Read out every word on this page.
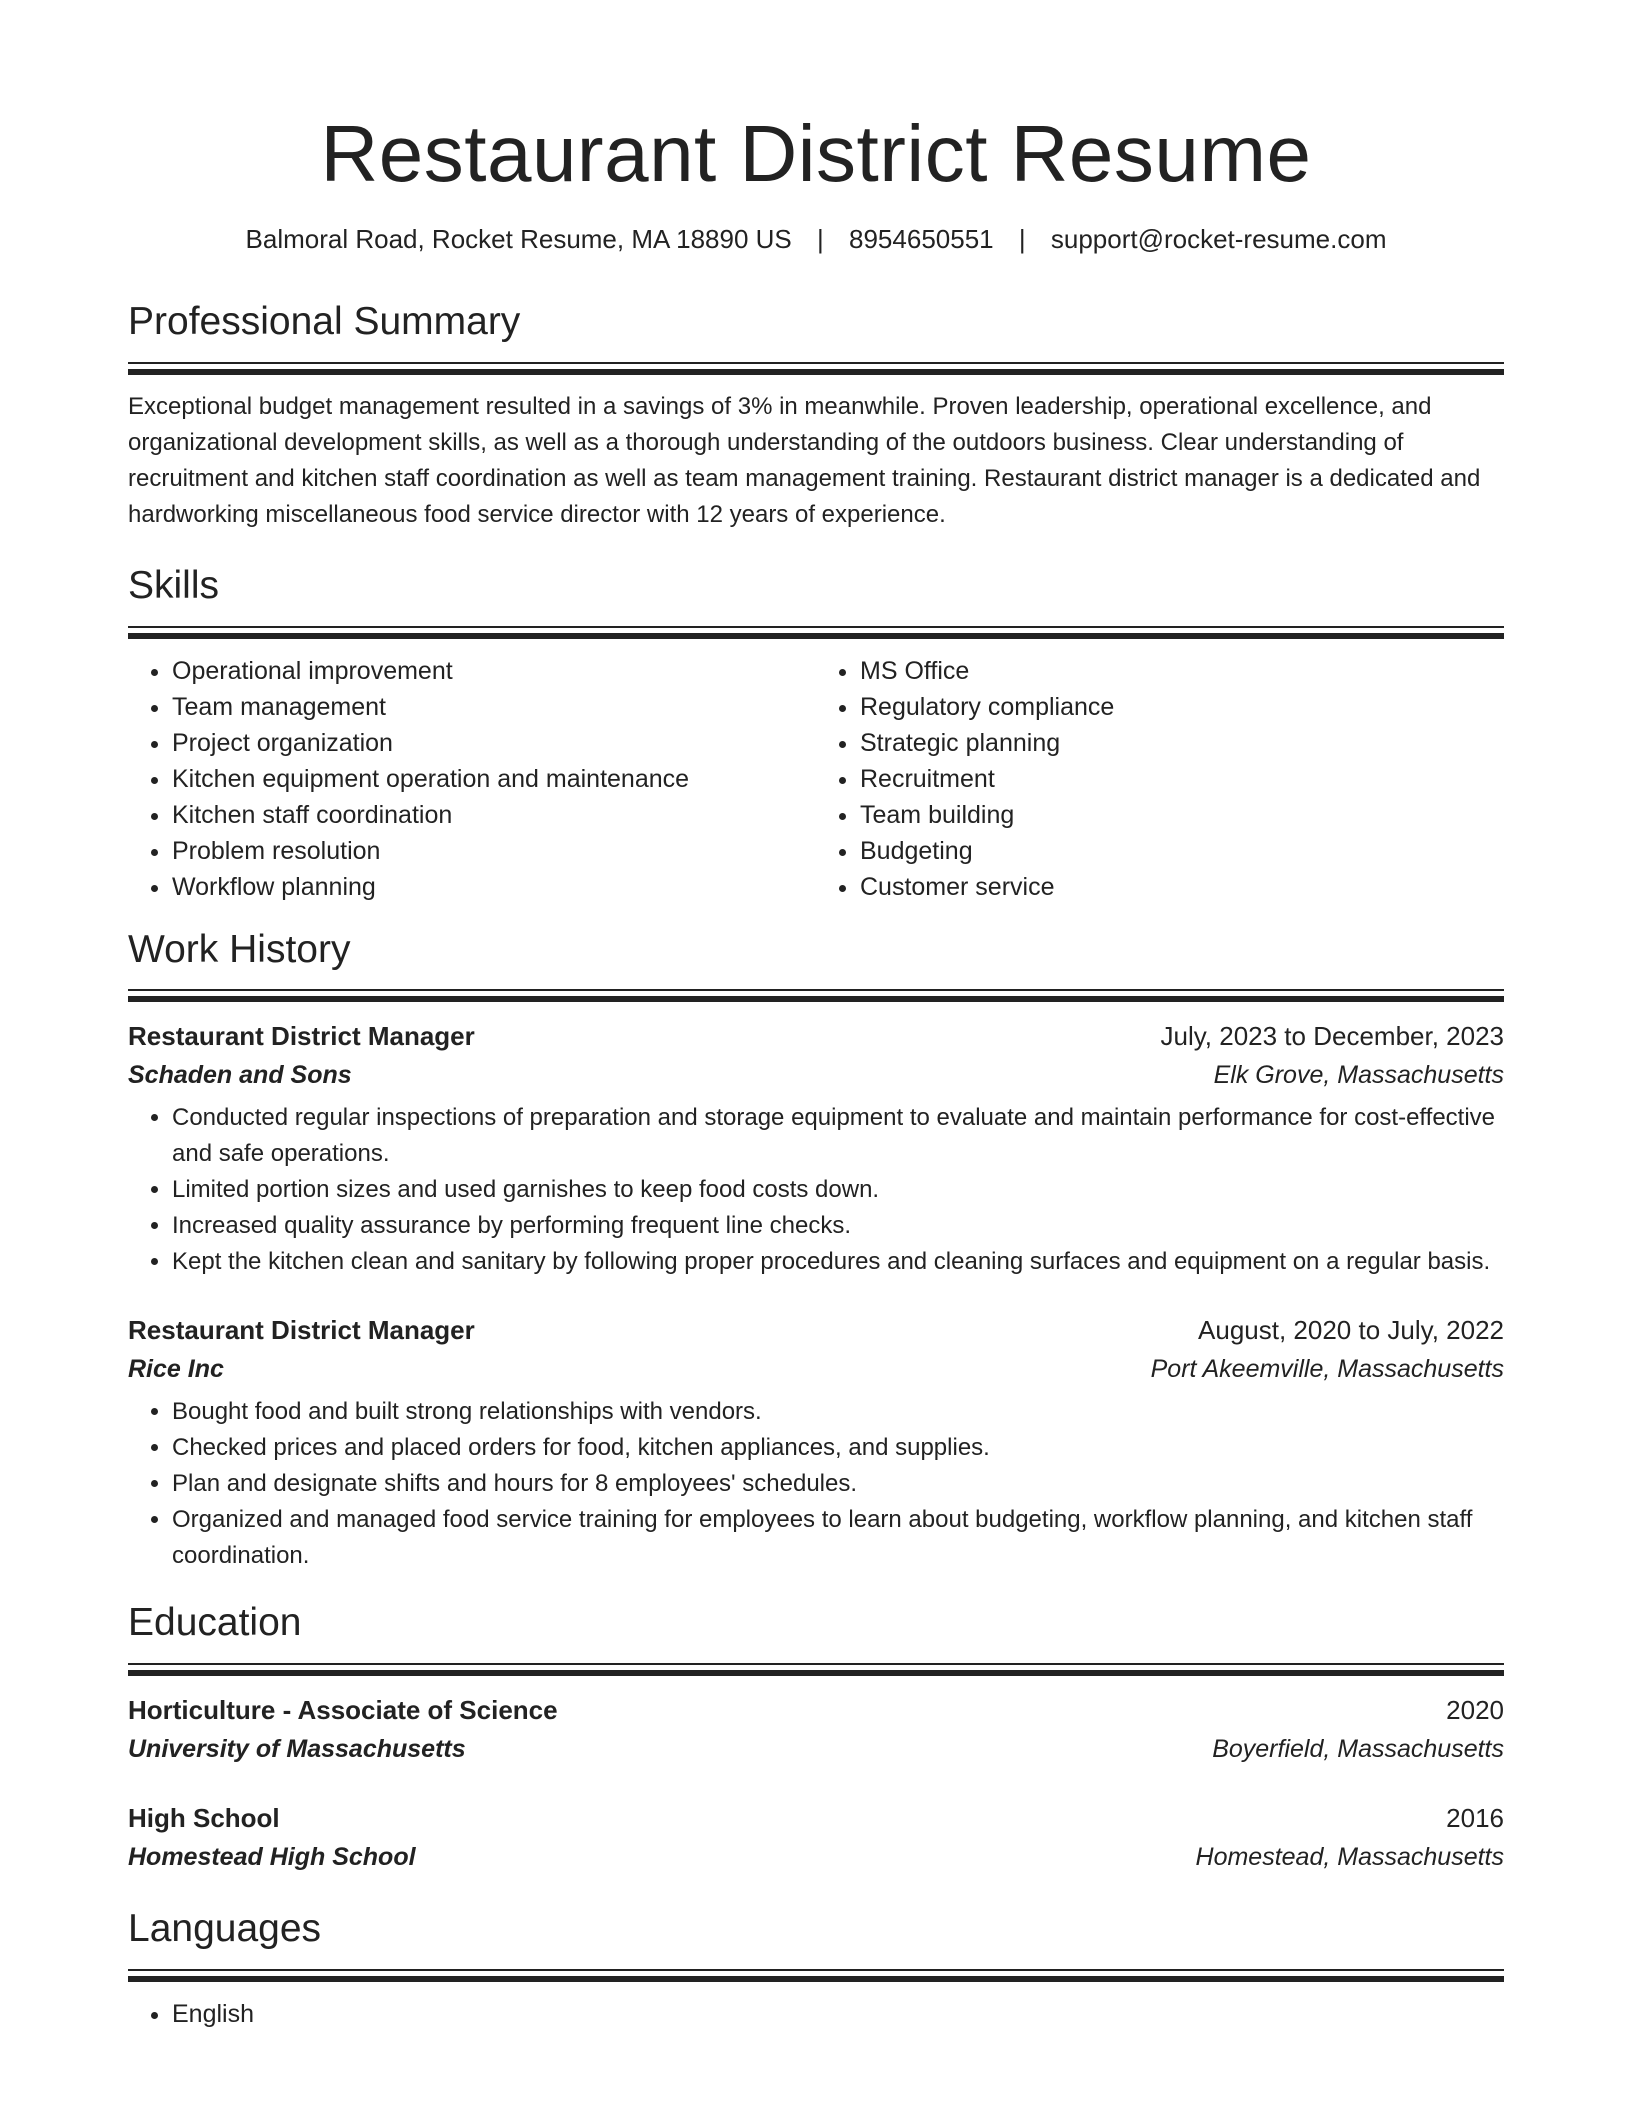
Restaurant District Resume
Balmoral Road, Rocket Resume, MA 18890 US | 8954650551 | support@rocket-resume.com
Professional Summary

Exceptional budget management resulted in a savings of 3% in meanwhile. Proven leadership, operational excellence, and organizational development skills, as well as a thorough understanding of the outdoors business. Clear understanding of recruitment and kitchen staff coordination as well as team management training. Restaurant district manager is a dedicated and hardworking miscellaneous food service director with 12 years of experience.

Skills
• Operational improvement
• Team management
• Project organization
• Kitchen equipment operation and maintenance
• Kitchen staff coordination
• Problem resolution
• Workflow planning
• MS Office
• Regulatory compliance
• Strategic planning
• Recruitment
• Team building
• Budgeting
• Customer service
Work History
Restaurant District Manager	July, 2023 to December, 2023
Schaden and Sons	Elk Grove, Massachusetts
• Conducted regular inspections of preparation and storage equipment to evaluate and maintain performance for cost-effective and safe operations.
• Limited portion sizes and used garnishes to keep food costs down.
• Increased quality assurance by performing frequent line checks.
• Kept the kitchen clean and sanitary by following proper procedures and cleaning surfaces and equipment on a regular basis.
Restaurant District Manager	August, 2020 to July, 2022
Rice Inc	Port Akeemville, Massachusetts
• Bought food and built strong relationships with vendors.
• Checked prices and placed orders for food, kitchen appliances, and supplies.
• Plan and designate shifts and hours for 8 employees' schedules.
• Organized and managed food service training for employees to learn about budgeting, workflow planning, and kitchen staff coordination.
Education
Horticulture - Associate of Science	2020
University of Massachusetts	Boyerfield, Massachusetts
High School	2016
Homestead High School	Homestead, Massachusetts
Languages
• English
